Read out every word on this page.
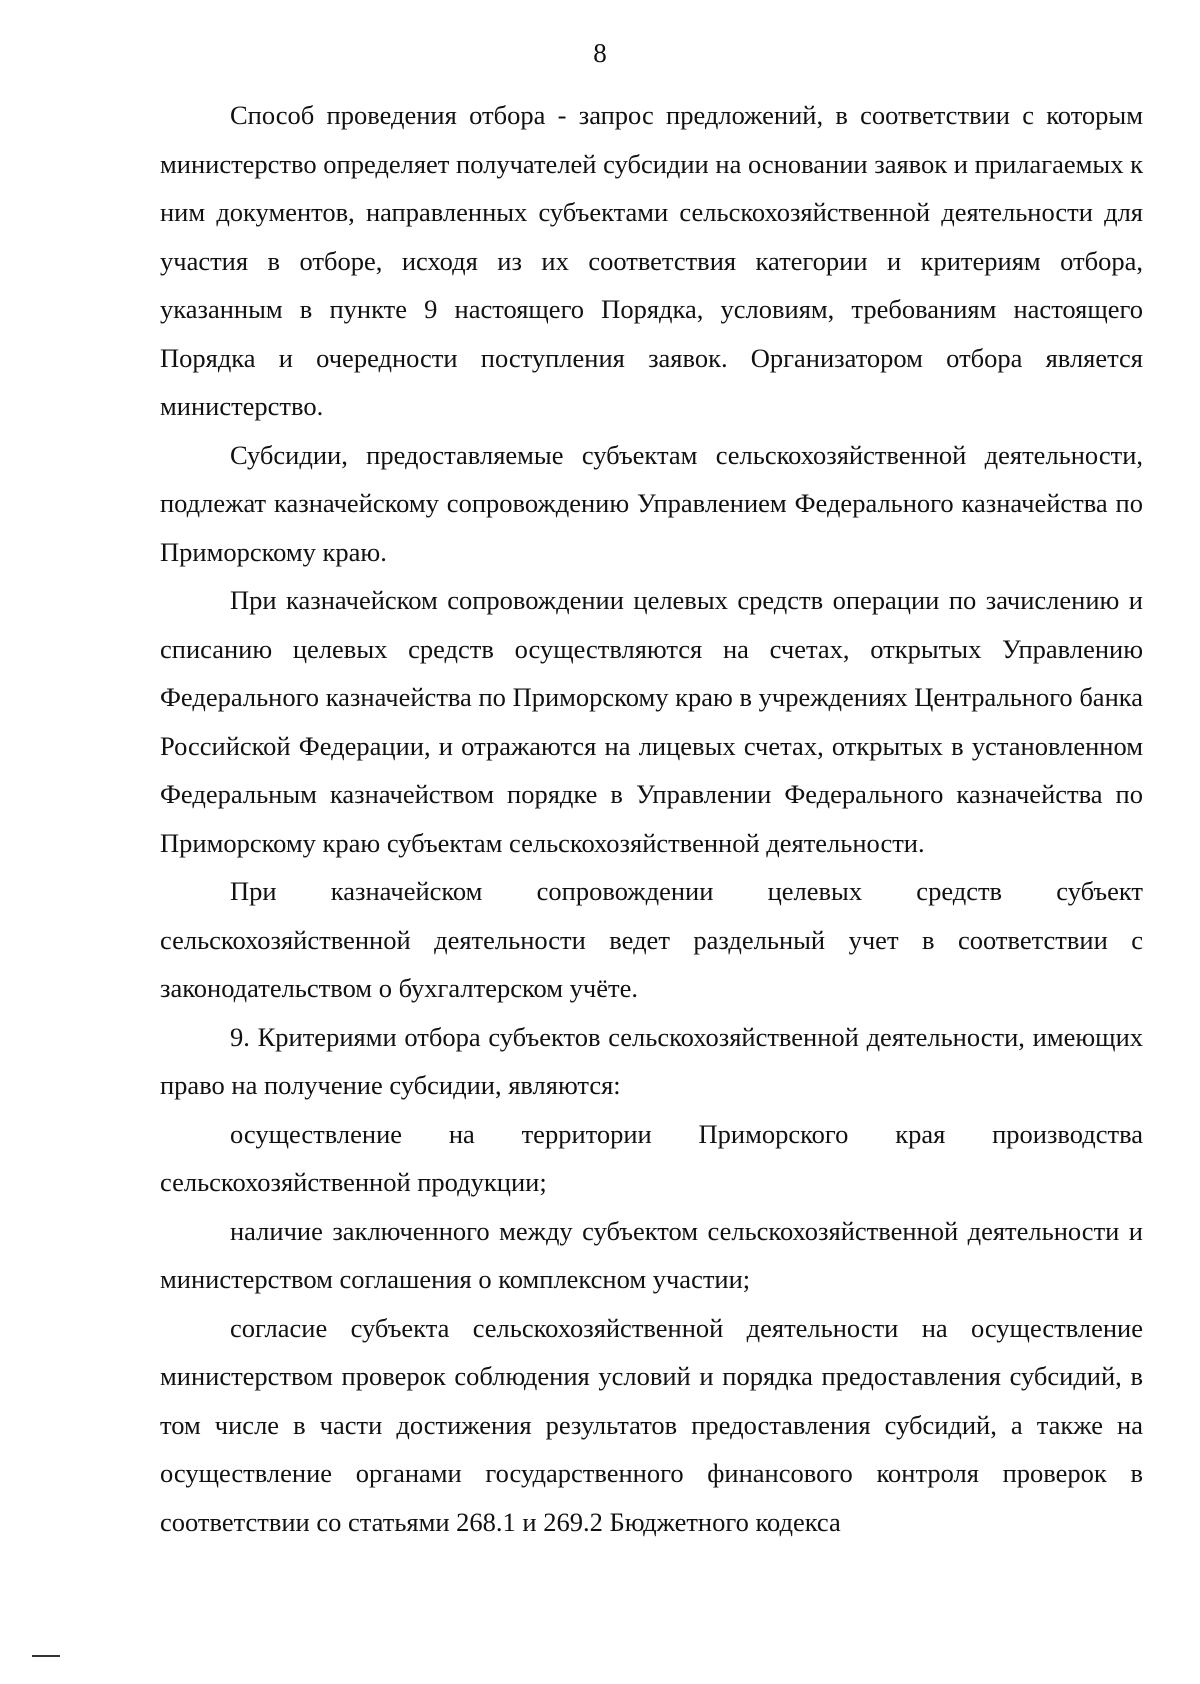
8

Способ проведения отбора - запрос предложений, в соответствии с которым министерство определяет получателей субсидии на основании заявок и прилагаемых к ним документов, направленных субъектами сельскохозяйственной деятельности для участия в отборе, исходя из их соответствия категории и критериям отбора, указанным в пункте 9 настоящего Порядка, условиям, требованиям настоящего Порядка и очередности поступления заявок. Организатором отбора является министерство.

Субсидии, предоставляемые субъектам сельскохозяйственной деятельности, подлежат казначейскому сопровождению Управлением Федерального казначейства по Приморскому краю.

При казначейском сопровождении целевых средств операции по зачислению и списанию целевых средств осуществляются на счетах, открытых Управлению Федерального казначейства по Приморскому краю в учреждениях Центрального банка Российской Федерации, и отражаются на лицевых счетах, открытых в установленном Федеральным казначейством порядке в Управлении Федерального казначейства по Приморскому краю субъектам сельскохозяйственной деятельности.

При казначейском сопровождении целевых средств субъект сельскохозяйственной деятельности ведет раздельный учет в соответствии с законодательством о бухгалтерском учёте.

9. Критериями отбора субъектов сельскохозяйственной деятельности, имеющих право на получение субсидии, являются:

осуществление на территории Приморского края производства сельскохозяйственной продукции;

наличие заключенного между субъектом сельскохозяйственной деятельности и министерством соглашения о комплексном участии;

согласие субъекта сельскохозяйственной деятельности на осуществление министерством проверок соблюдения условий и порядка предоставления субсидий, в том числе в части достижения результатов предоставления субсидий, а также на осуществление органами государственного финансового контроля проверок в соответствии со статьями 268.1 и 269.2 Бюджетного кодекса
